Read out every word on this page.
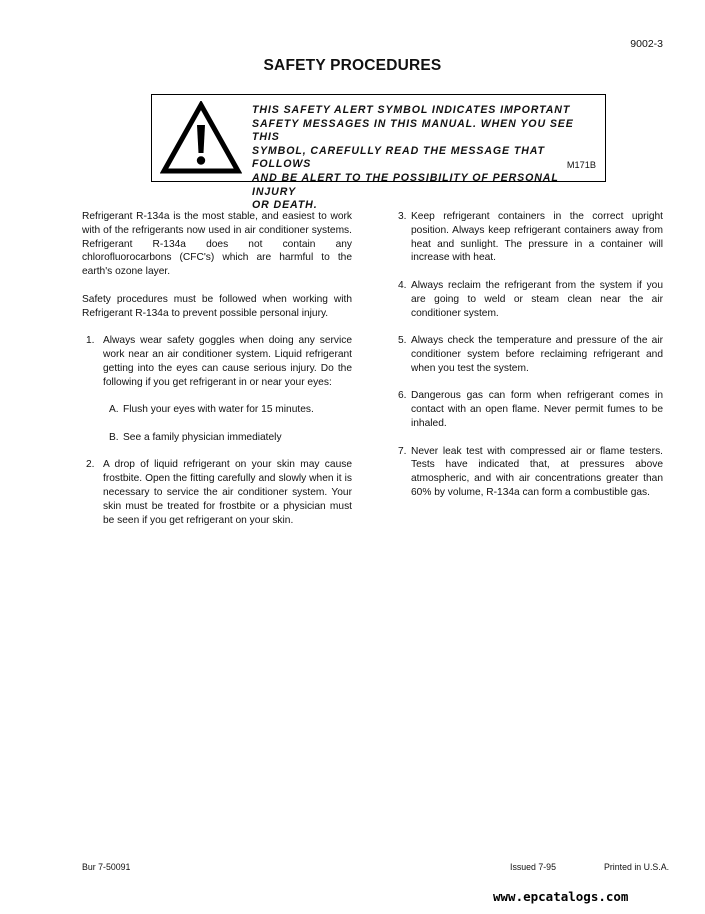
9002-3
SAFETY PROCEDURES
THIS SAFETY ALERT SYMBOL INDICATES IMPORTANT
SAFETY MESSAGES IN THIS MANUAL. WHEN YOU SEE THIS
SYMBOL, CAREFULLY READ THE MESSAGE THAT FOLLOWS
AND BE ALERT TO THE POSSIBILITY OF PERSONAL INJURY
OR DEATH.
M171B

Refrigerant R-134a is the most stable, and easiest to work with of the refrigerants now used in air conditioner systems. Refrigerant R-134a does not contain any chlorofluorocarbons (CFC's) which are harmful to the earth's ozone layer.

Safety procedures must be followed when working with Refrigerant R-134a to prevent possible personal injury.

1. Always wear safety goggles when doing any service work near an air conditioner system. Liquid refrigerant getting into the eyes can cause serious injury. Do the following if you get refrigerant in or near your eyes:
A. Flush your eyes with water for 15 minutes.
B. See a family physician immediately
2. A drop of liquid refrigerant on your skin may cause frostbite. Open the fitting carefully and slowly when it is necessary to service the air conditioner system. Your skin must be treated for frostbite or a physician must be seen if you get refrigerant on your skin.
3. Keep refrigerant containers in the correct upright position. Always keep refrigerant containers away from heat and sunlight. The pressure in a container will increase with heat.
4. Always reclaim the refrigerant from the system if you are going to weld or steam clean near the air conditioner system.
5. Always check the temperature and pressure of the air conditioner system before reclaiming refrigerant and when you test the system.
6. Dangerous gas can form when refrigerant comes in contact with an open flame. Never permit fumes to be inhaled.
7. Never leak test with compressed air or flame testers. Tests have indicated that, at pressures above atmospheric, and with air concentrations greater than 60% by volume, R-134a can form a combustible gas.
Bur 7-50091	Issued 7-95	Printed in U.S.A.
www.epcatalogs.com
